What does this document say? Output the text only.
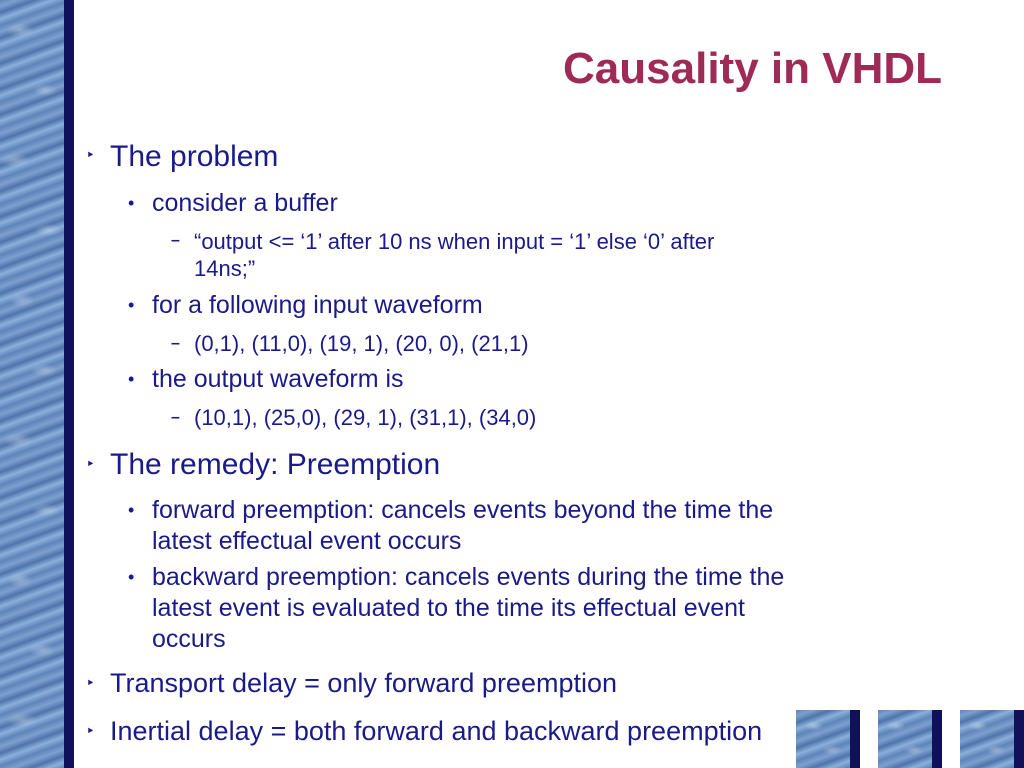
Causality in VHDL
‣ The problem
• consider a buffer
– “output <= ‘1’ after 10 ns when input = ‘1’ else ‘0’ after
14ns;”
• for a following input waveform
– (0,1), (11,0), (19, 1), (20, 0), (21,1)
• the output waveform is
– (10,1), (25,0), (29, 1), (31,1), (34,0)
‣ The remedy: Preemption
• forward preemption: cancels events beyond the time the
latest effectual event occurs
• backward preemption: cancels events during the time the
latest event is evaluated to the time its effectual event
occurs
‣ Transport delay = only forward preemption
‣ Inertial delay = both forward and backward preemption
